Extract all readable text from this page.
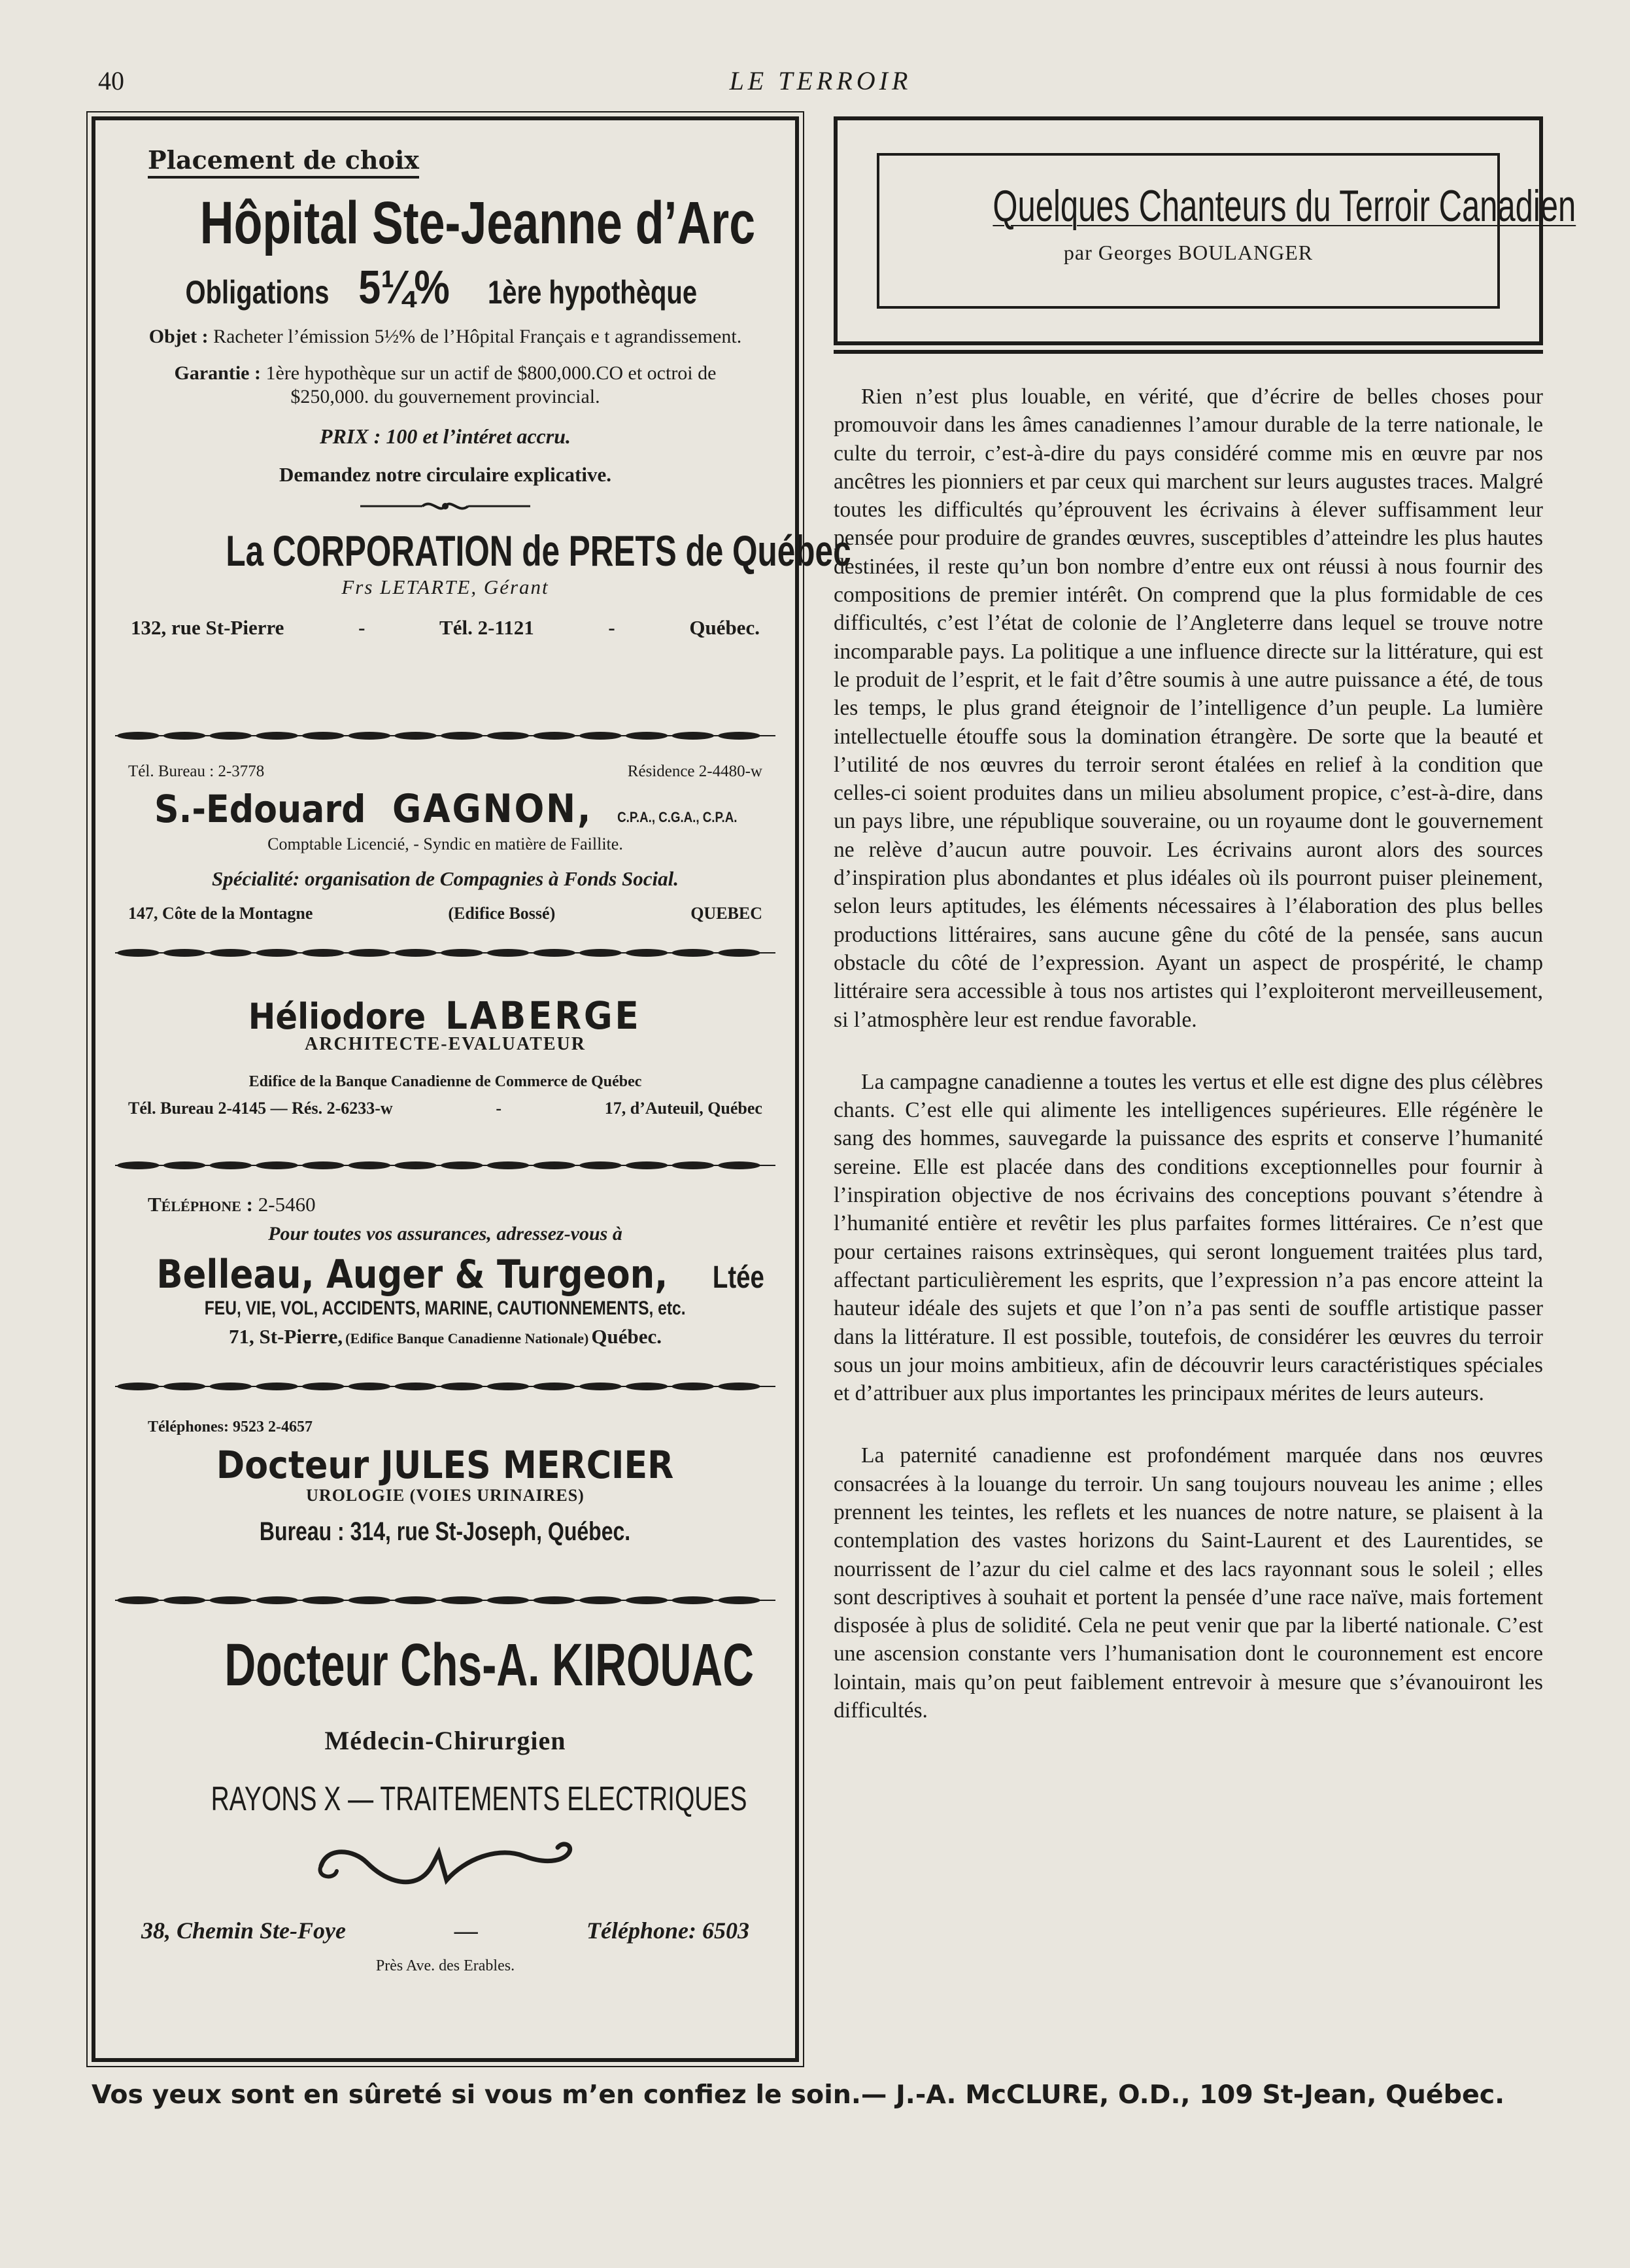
40	LE TERROIR
Placement de choix
Hôpital Ste-Jeanne d’Arc
Obligations 5¼% 1ère hypothèque
Objet : Racheter l’émission 5½% de l’Hôpital Français e t agrandissement.
Garantie : 1ère hypothèque sur un actif de $800,000.CO et octroi de $250,000. du gouvernement provincial.
PRIX : 100 et l’intéret accru.
Demandez notre circulaire explicative.
La CORPORATION de PRETS de Québec
Frs LETARTE, Gérant
132, rue St-Pierre	-	Tél. 2-1121	-	Québec.
Tél. Bureau : 2-3778	Résidence 2-4480-w
S.-Edouard GAGNON, C.P.A., C.G.A., C.P.A.
Comptable Licencié, - Syndic en matière de Faillite.
Spécialité: organisation de Compagnies à Fonds Social.
147, Côte de la Montagne	(Edifice Bossé)	QUEBEC
Héliodore LABERGE
ARCHITECTE-EVALUATEUR
Edifice de la Banque Canadienne de Commerce de Québec
Tél. Bureau 2-4145 — Rés. 2-6233-w	-	17, d’Auteuil, Québec
Téléphone : 2-5460
Pour toutes vos assurances, adressez-vous à
Belleau, Auger & Turgeon, Ltée
FEU, VIE, VOL, ACCIDENTS, MARINE, CAUTIONNEMENTS, etc.
71, St-Pierre, (Edifice Banque Canadienne Nationale) Québec.
Téléphones: 9523 2-4657
Docteur JULES MERCIER
UROLOGIE (VOIES URINAIRES)
Bureau : 314, rue St-Joseph, Québec.
Docteur Chs-A. KIROUAC
Médecin-Chirurgien
RAYONS X — TRAITEMENTS ELECTRIQUES
38, Chemin Ste-Foye	—	Téléphone: 6503
Près Ave. des Erables.
Quelques Chanteurs du Terroir Canadien
par Georges BOULANGER

Rien n’est plus louable, en vérité, que d’écrire de belles choses pour promouvoir dans les âmes canadiennes l’amour durable de la terre nationale, le culte du terroir, c’est-à-dire du pays considéré comme mis en œuvre par nos ancêtres les pionniers et par ceux qui marchent sur leurs augustes traces. Malgré toutes les difficultés qu’éprouvent les écrivains à élever suffisamment leur pensée pour produire de grandes œuvres, susceptibles d’atteindre les plus hautes destinées, il reste qu’un bon nombre d’entre eux ont réussi à nous fournir des compositions de premier intérêt. On comprend que la plus formidable de ces difficultés, c’est l’état de colonie de l’Angleterre dans lequel se trouve notre incomparable pays. La politique a une influence directe sur la littérature, qui est le produit de l’esprit, et le fait d’être soumis à une autre puissance a été, de tous les temps, le plus grand éteignoir de l’intelligence d’un peuple. La lumière intellectuelle étouffe sous la domination étrangère. De sorte que la beauté et l’utilité de nos œuvres du terroir seront étalées en relief à la condition que celles-ci soient produites dans un milieu absolument propice, c’est-à-dire, dans un pays libre, une république souveraine, ou un royaume dont le gouvernement ne relève d’aucun autre pouvoir. Les écrivains auront alors des sources d’inspiration plus abondantes et plus idéales où ils pourront puiser pleinement, selon leurs aptitudes, les éléments nécessaires à l’élaboration des plus belles productions littéraires, sans aucune gêne du côté de la pensée, sans aucun obstacle du côté de l’expression. Ayant un aspect de prospérité, le champ littéraire sera accessible à tous nos artistes qui l’exploiteront merveilleusement, si l’atmosphère leur est rendue favorable.

La campagne canadienne a toutes les vertus et elle est digne des plus célèbres chants. C’est elle qui alimente les intelligences supérieures. Elle régénère le sang des hommes, sauvegarde la puissance des esprits et conserve l’humanité sereine. Elle est placée dans des conditions exceptionnelles pour fournir à l’inspiration objective de nos écrivains des conceptions pouvant s’étendre à l’humanité entière et revêtir les plus parfaites formes littéraires. Ce n’est que pour certaines raisons extrinsèques, qui seront longuement traitées plus tard, affectant particulièrement les esprits, que l’expression n’a pas encore atteint la hauteur idéale des sujets et que l’on n’a pas senti de souffle artistique passer dans la littérature. Il est possible, toutefois, de considérer les œuvres du terroir sous un jour moins ambitieux, afin de découvrir leurs caractéristiques spéciales et d’attribuer aux plus importantes les principaux mérites de leurs auteurs.

La paternité canadienne est profondément marquée dans nos œuvres consacrées à la louange du terroir. Un sang toujours nouveau les anime ; elles prennent les teintes, les reflets et les nuances de notre nature, se plaisent à la contemplation des vastes horizons du Saint-Laurent et des Laurentides, se nourrissent de l’azur du ciel calme et des lacs rayonnant sous le soleil ; elles sont descriptives à souhait et portent la pensée d’une race naïve, mais fortement disposée à plus de solidité. Cela ne peut venir que par la liberté nationale. C’est une ascension constante vers l’humanisation dont le couronnement est encore lointain, mais qu’on peut faiblement entrevoir à mesure que s’évanouiront les difficultés.

Vos yeux sont en sûreté si vous m’en confiez le soin.— J.-A. McCLURE, O.D., 109 St-Jean, Québec.
